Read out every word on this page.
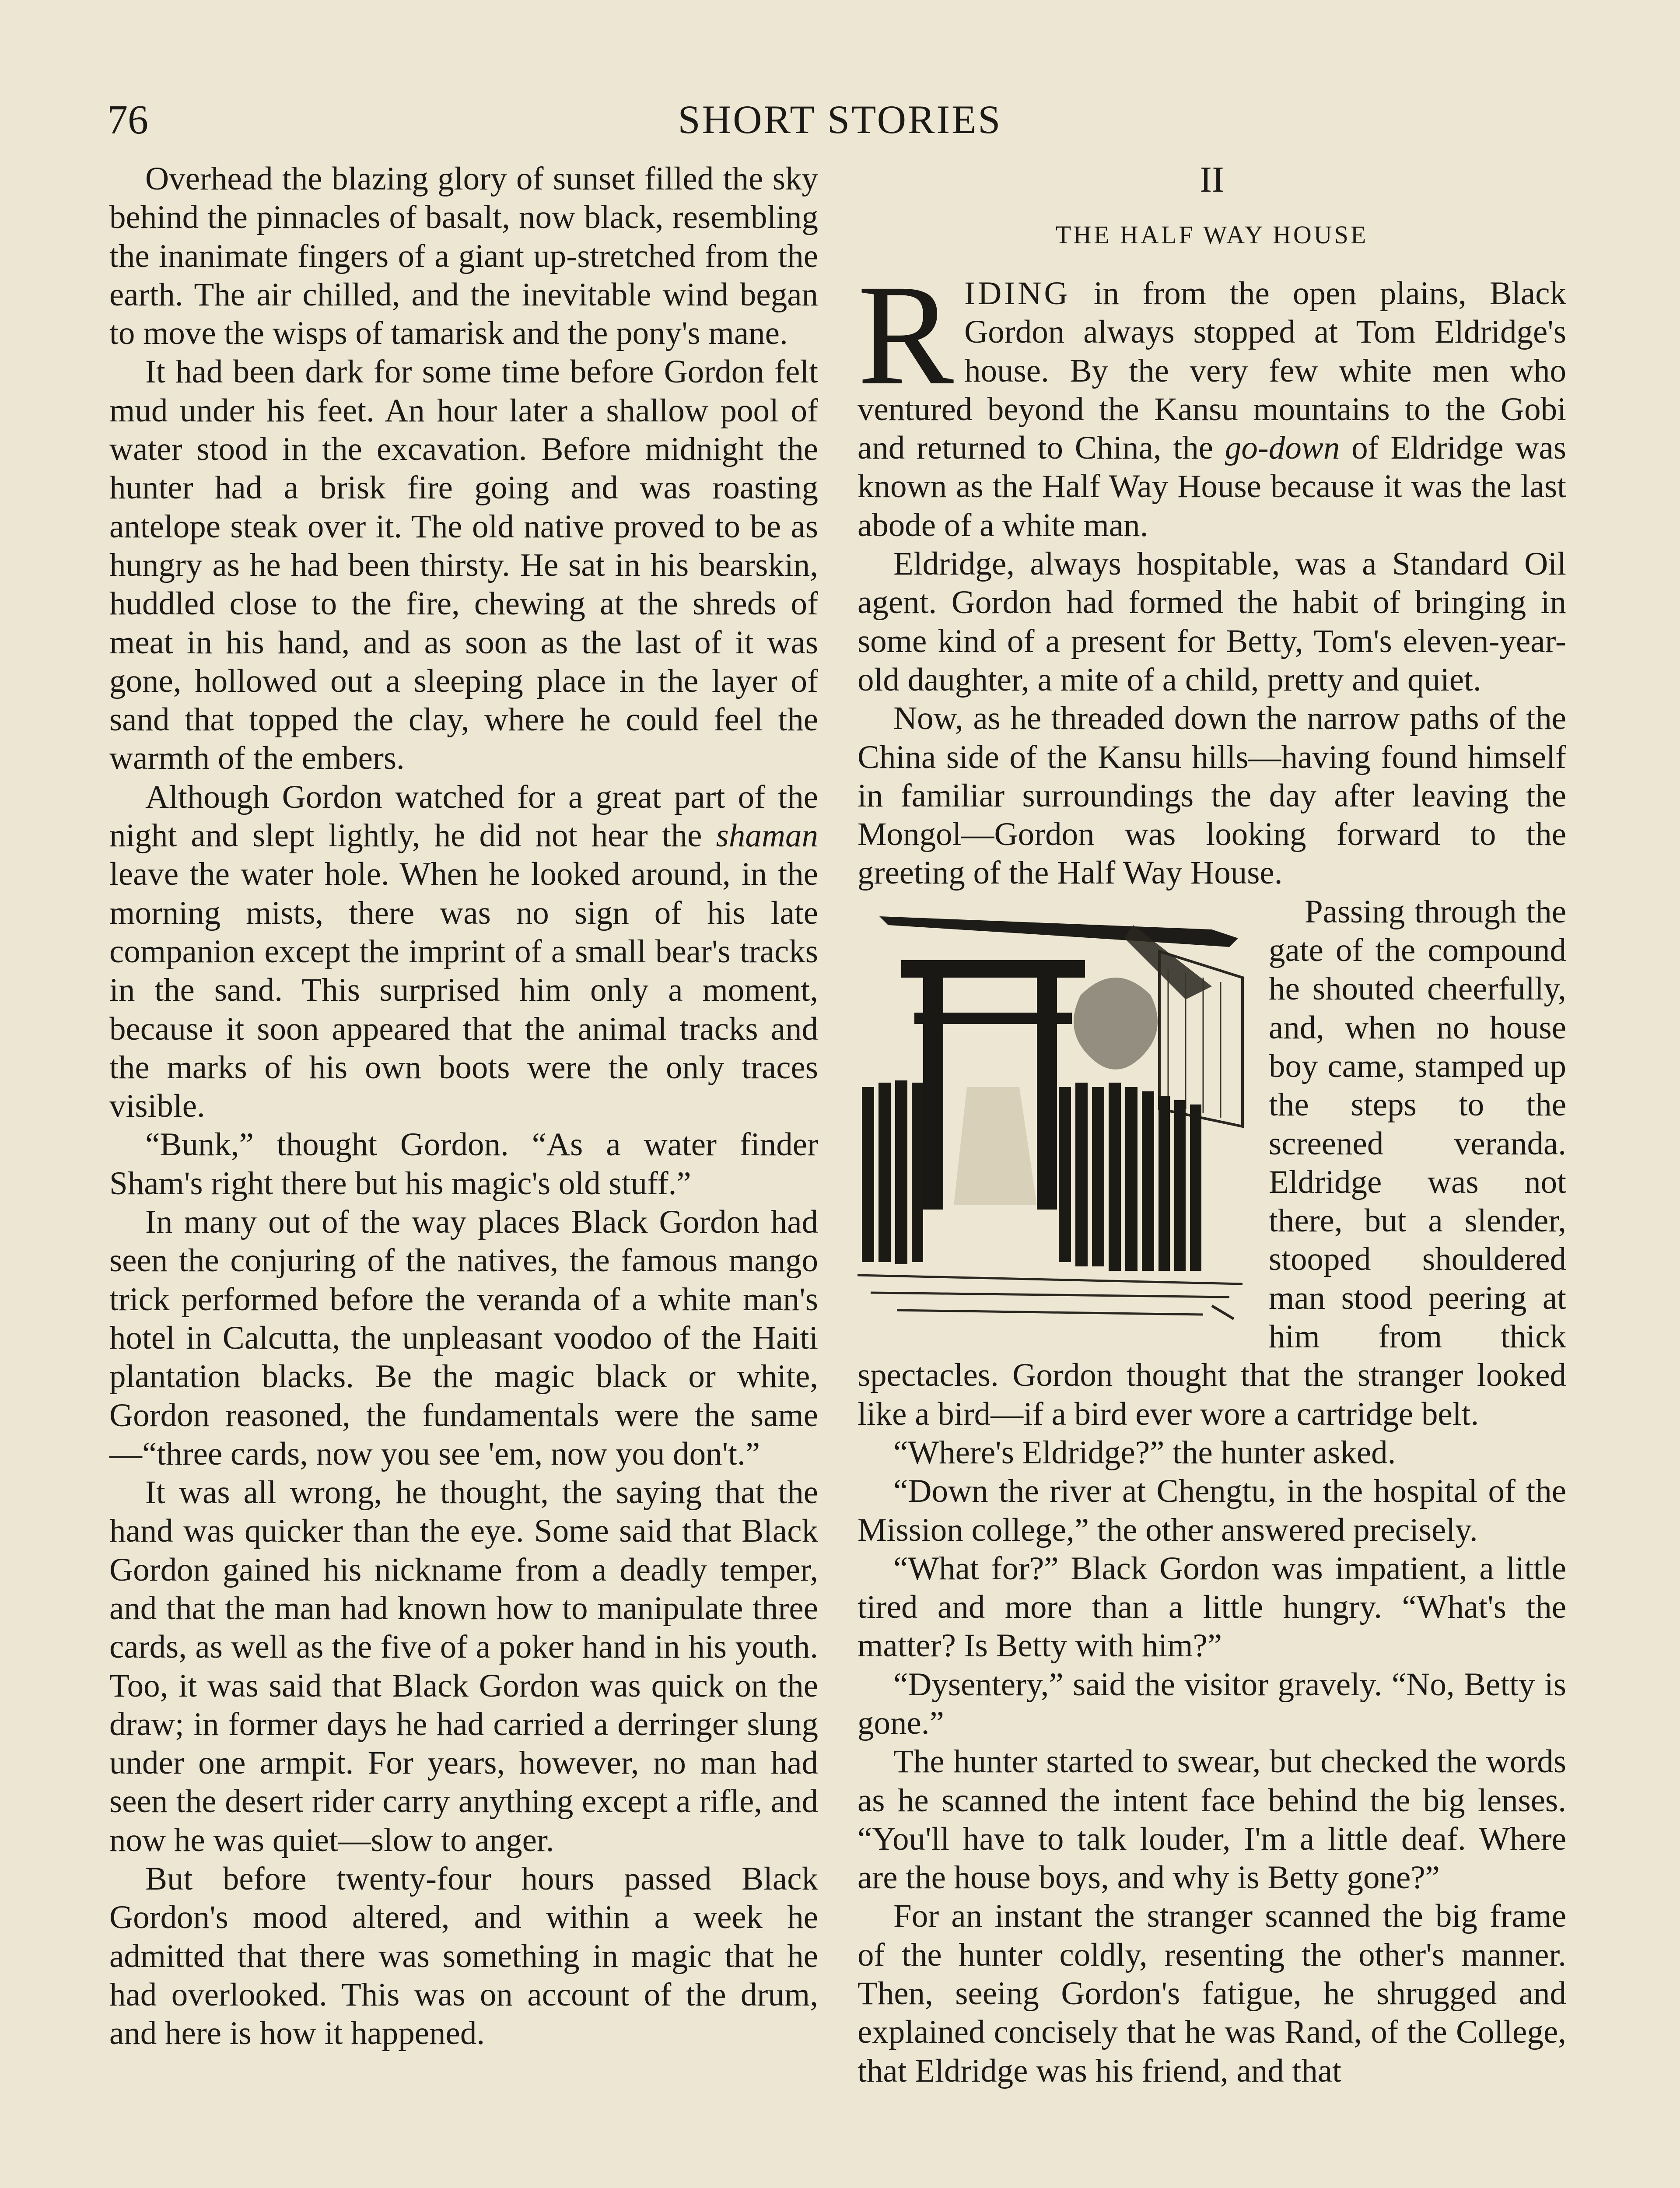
76	SHORT STORIES

Overhead the blazing glory of sunset filled the sky behind the pinnacles of basalt, now black, resembling the inanimate fingers of a giant up-stretched from the earth. The air chilled, and the inevitable wind began to move the wisps of tamarisk and the pony's mane.

It had been dark for some time before Gordon felt mud under his feet. An hour later a shallow pool of water stood in the excavation. Before midnight the hunter had a brisk fire going and was roasting antelope steak over it. The old native proved to be as hungry as he had been thirsty. He sat in his bearskin, huddled close to the fire, chewing at the shreds of meat in his hand, and as soon as the last of it was gone, hollowed out a sleeping place in the layer of sand that topped the clay, where he could feel the warmth of the embers.

Although Gordon watched for a great part of the night and slept lightly, he did not hear the shaman leave the water hole. When he looked around, in the morning mists, there was no sign of his late companion except the imprint of a small bear's tracks in the sand. This surprised him only a moment, because it soon appeared that the animal tracks and the marks of his own boots were the only traces visible.

“Bunk,” thought Gordon. “As a water finder Sham's right there but his magic's old stuff.”

In many out of the way places Black Gordon had seen the conjuring of the natives, the famous mango trick performed before the veranda of a white man's hotel in Calcutta, the unpleasant voodoo of the Haiti plantation blacks. Be the magic black or white, Gordon reasoned, the fundamentals were the same—“three cards, now you see 'em, now you don't.”

It was all wrong, he thought, the saying that the hand was quicker than the eye. Some said that Black Gordon gained his nickname from a deadly temper, and that the man had known how to manipulate three cards, as well as the five of a poker hand in his youth. Too, it was said that Black Gordon was quick on the draw; in former days he had carried a derringer slung under one armpit. For years, however, no man had seen the desert rider carry anything except a rifle, and now he was quiet—slow to anger.

But before twenty-four hours passed Black Gordon's mood altered, and within a week he admitted that there was something in magic that he had overlooked. This was on account of the drum, and here is how it happened.

II
THE HALF WAY HOUSE

RIDING in from the open plains, Black Gordon always stopped at Tom Eldridge's house. By the very few white men who ventured beyond the Kansu mountains to the Gobi and returned to China, the go-down of Eldridge was known as the Half Way House because it was the last abode of a white man.

Eldridge, always hospitable, was a Standard Oil agent. Gordon had formed the habit of bringing in some kind of a present for Betty, Tom's eleven-year-old daughter, a mite of a child, pretty and quiet.

Now, as he threaded down the narrow paths of the China side of the Kansu hills—having found himself in familiar surroundings the day after leaving the Mongol—Gordon was looking forward to the greeting of the Half Way House.

Passing through the gate of the compound he shouted cheerfully, and, when no house boy came, stamped up the steps to the screened veranda. Eldridge was not there, but a slender, stooped shouldered man stood peering at him from thick spectacles. Gordon thought that the stranger looked like a bird—if a bird ever wore a cartridge belt.

“Where's Eldridge?” the hunter asked.

“Down the river at Chengtu, in the hospital of the Mission college,” the other answered precisely.

“What for?” Black Gordon was impatient, a little tired and more than a little hungry. “What's the matter? Is Betty with him?”

“Dysentery,” said the visitor gravely. “No, Betty is gone.”

The hunter started to swear, but checked the words as he scanned the intent face behind the big lenses. “You'll have to talk louder, I'm a little deaf. Where are the house boys, and why is Betty gone?”

For an instant the stranger scanned the big frame of the hunter coldly, resenting the other's manner. Then, seeing Gordon's fatigue, he shrugged and explained concisely that he was Rand, of the College, that Eldridge was his friend, and that
